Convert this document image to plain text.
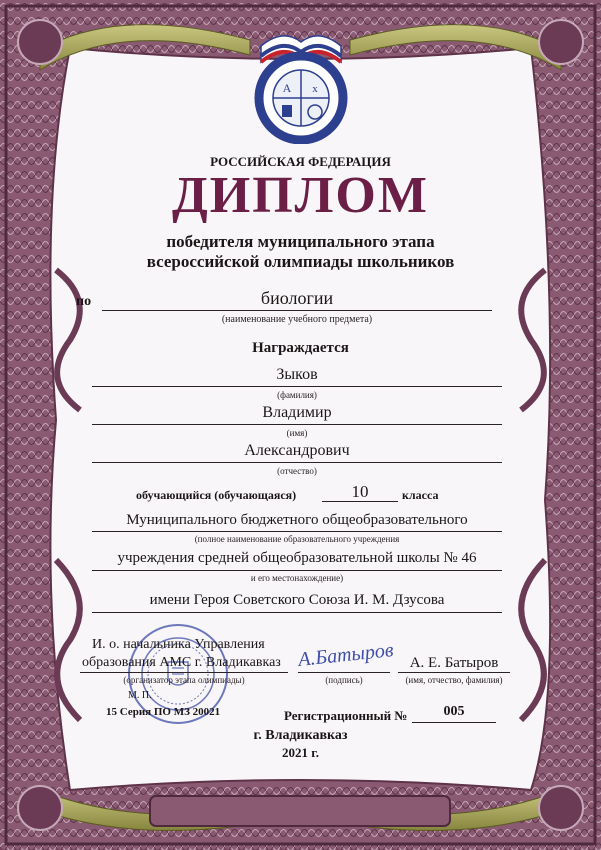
A x
РОССИЙСКАЯ ФЕДЕРАЦИЯ
ДИПЛОМ
победителя муниципального этапа
всероссийской олимпиады школьников
по	биологии
(наименование учебного предмета)
Награждается
Зыков
(фамилия)
Владимир
(имя)
Александрович
(отчество)
обучающийся (обучающаяся)	10	класса
Муниципального бюджетного общеобразовательного
(полное наименование образовательного учреждения
учреждения средней общеобразовательной школы № 46
и его местонахождение)
имени Героя Советского Союза И. М. Дзусова
И. о. начальника Управления
образования АМС г. Владикавказ
(организатор этапа олимпиады)
М. П.
А.Батыров
(подпись)
А. Е. Батыров
(имя, отчество, фамилия)
15 Серия ПО МЗ 20021	Регистрационный №	005
г. Владикавказ
2021 г.
